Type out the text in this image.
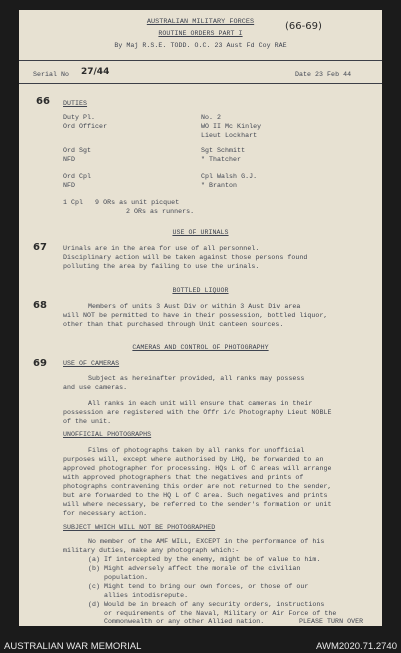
AUSTRALIAN MILITARY FORCES	(66-69)
ROUTINE ORDERS PART I
By Maj R.S.E. TODD. O.C. 23 Aust Fd Coy RAE
Serial No 27/44	Date 23 Feb 44
66
67
68
69
DUTIES
Duty Pl.	No. 2
Ord Officer	WO II Mc Kinley
Lieut Lockhart
Ord Sgt	Sgt Schmitt
NFD	" Thatcher
Ord Cpl	Cpl Walsh G.J.
NFD	" Branton
1 Cpl   9 ORs as unit picquet
2 ORs as runners.
USE OF URINALS
Urinals are in the area for use of all personnel.
Disciplinary action will be taken against those persons found
polluting the area by failing to use the urinals.
BOTTLED LIQUOR
Members of units 3 Aust Div or within 3 Aust Div area
will NOT be permitted to have in their possession, bottled liquor,
other than that purchased through Unit canteen sources.
CAMERAS AND CONTROL OF PHOTOGRAPHY
USE OF CAMERAS
Subject as hereinafter provided, all ranks may possess
and use cameras.
All ranks in each unit will ensure that cameras in their
possession are registered with the Offr i/c Photography Lieut NOBLE
of the unit.
UNOFFICIAL PHOTOGRAPHS
Films of photographs taken by all ranks for unofficial
purposes will, except where authorised by LHQ, be forwarded to an
approved photographer for processing. HQs L of C areas will arrange
with approved photographers that the negatives and prints of
photographs contravening this order are not returned to the sender,
but are forwarded to the HQ L of C area. Such negatives and prints
will where necessary, be referred to the sender's formation or unit
for necessary action.
SUBJECT WHICH WILL NOT BE PHOTOGRAPHED
No member of the AMF WILL, EXCEPT in the performance of his
military duties, make any photograph which:-
(a) If intercepted by the enemy, might be of value to him.
(b) Might adversely affect the morale of the civilian
population.
(c) Might tend to bring our own forces, or those of our
allies intodisrepute.
(d) Would be in breach of any security orders, instructions
or requirements of the Naval, Military or Air Force of the
Commonwealth or any other Allied nation.	PLEASE TURN OVER
AUSTRALIAN WAR MEMORIAL	AWM2020.71.2740
